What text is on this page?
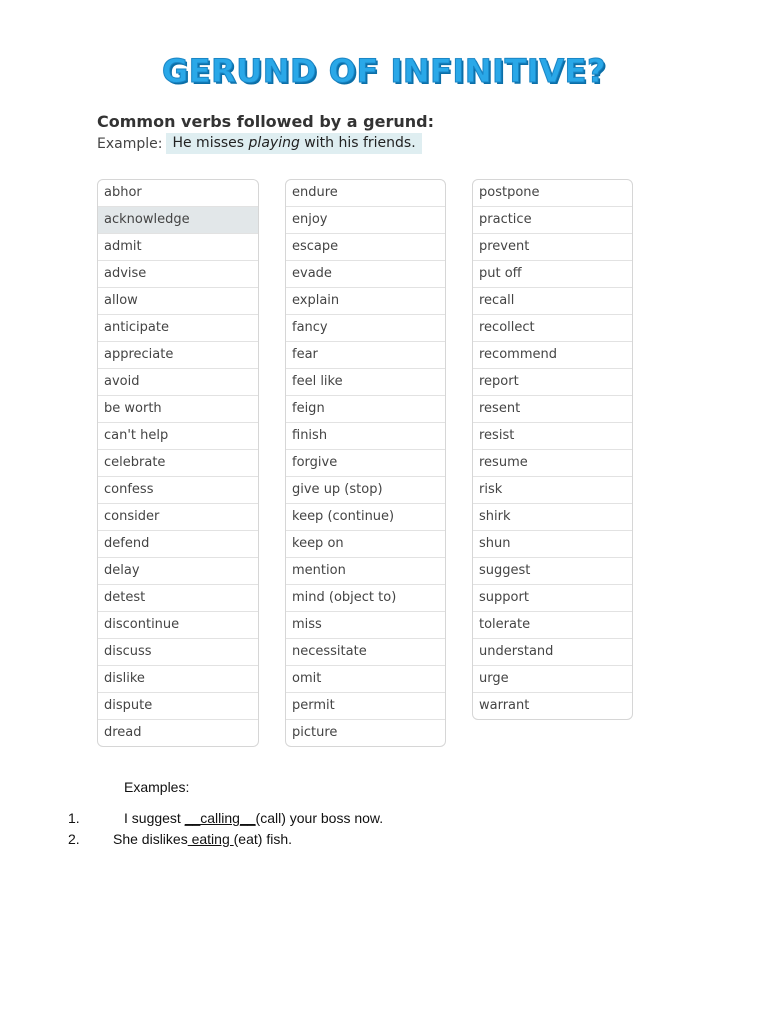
GERUND OF INFINITIVE?
Common verbs followed by a gerund:
Example: He misses playing with his friends.
abhor
acknowledge
admit
advise
allow
anticipate
appreciate
avoid
be worth
can't help
celebrate
confess
consider
defend
delay
detest
discontinue
discuss
dislike
dispute
dread
endure
enjoy
escape
evade
explain
fancy
fear
feel like
feign
finish
forgive
give up (stop)
keep (continue)
keep on
mention
mind (object to)
miss
necessitate
omit
permit
picture
postpone
practice
prevent
put off
recall
recollect
recommend
report
resent
resist
resume
risk
shirk
shun
suggest
support
tolerate
understand
urge
warrant
Examples:
1.	I suggest __calling__(call) your boss now.
2. She dislikes eating (eat) fish.
